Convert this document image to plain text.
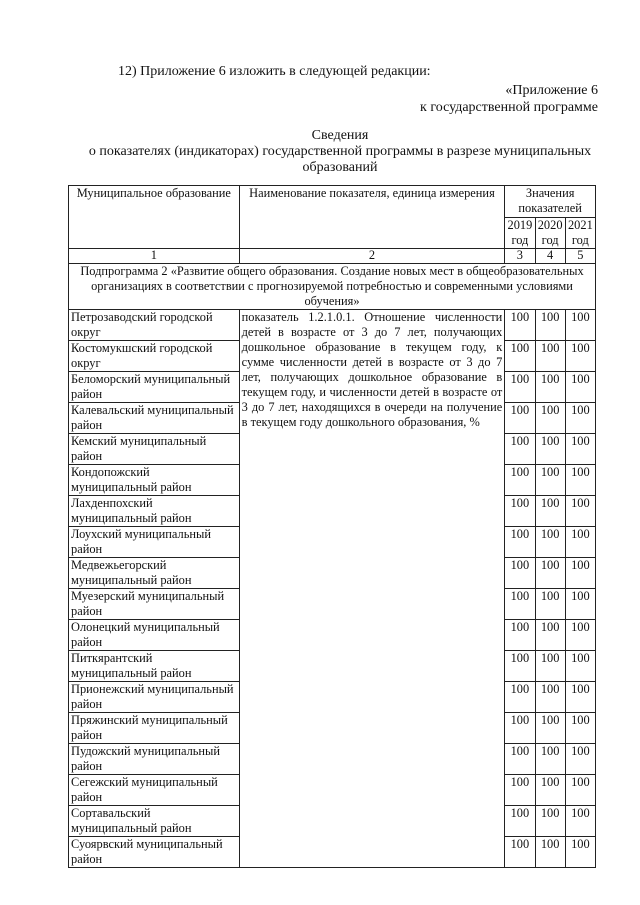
12) Приложение 6 изложить в следующей редакции:
«Приложение 6
к государственной программе
Сведения
о показателях (индикаторах) государственной программы в разрезе муниципальных
образований
Муниципальное образование	Наименование показателя, единица измерения	Значения показателей		
		2019 год	2020 год	2021 год
1	2	3	4	5
Подпрограмма 2 «Развитие общего образования. Создание новых мест в общеобразовательных организациях в соответствии с прогнозируемой потребностью и современными условиями обучения»				
Петрозаводский городской округ	показатель 1.2.1.0.1. Отношение численности детей в возрасте от 3 до 7 лет, получающих дошкольное образование в текущем году, к сумме численности детей в возрасте от 3 до 7 лет, получающих дошкольное образование в текущем году, и численности детей в возрасте от 3 до 7 лет, находящихся в очереди на получение в текущем году дошкольного образования, %	100	100	100
Костомукшский городской округ		100	100	100
Беломорский муниципальный район		100	100	100
Калевальский муниципальный район		100	100	100
Кемский муниципальный район		100	100	100
Кондопожский муниципальный район		100	100	100
Лахденпохский муниципальный район		100	100	100
Лоухский муниципальный район		100	100	100
Медвежьегорский муниципальный район		100	100	100
Муезерский муниципальный район		100	100	100
Олонецкий муниципальный район		100	100	100
Питкярантский муниципальный район		100	100	100
Прионежский муниципальный район		100	100	100
Пряжинский муниципальный район		100	100	100
Пудожский муниципальный район		100	100	100
Сегежский муниципальный район		100	100	100
Сортавальский муниципальный район		100	100	100
Суоярвский муниципальный район		100	100	100
